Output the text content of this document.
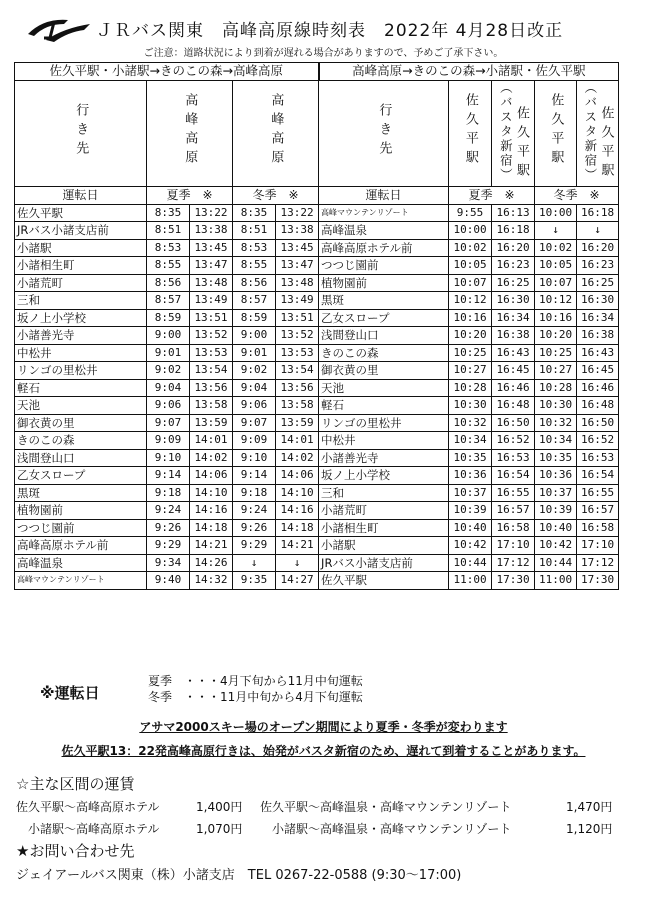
ＪＲバス関東　高峰高原線時刻表　2022年 4月28日改正
ご注意：道路状況により到着が遅れる場合がありますので、予めご了承下さい。
佐久平駅・小諸駅→きのこの森→高峰高原					高峰高原→きのこの森→小諸駅・佐久平駅				
行き先	高峰高原		高峰高原		行き先	佐久平駅	（バスタ新宿）佐久平駅	佐久平駅	（バスタ新宿）佐久平駅
運転日	夏季　※		冬季　※		運転日	夏季　※		冬季　※	
佐久平駅	8:35	13:22	8:35	13:22	高峰マウンテンリゾート	9:55	16:13	10:00	16:18
JRバス小諸支店前	8:51	13:38	8:51	13:38	高峰温泉	10:00	16:18	↓	↓
小諸駅	8:53	13:45	8:53	13:45	高峰高原ホテル前	10:02	16:20	10:02	16:20
小諸相生町	8:55	13:47	8:55	13:47	つつじ園前	10:05	16:23	10:05	16:23
小諸荒町	8:56	13:48	8:56	13:48	植物園前	10:07	16:25	10:07	16:25
三和	8:57	13:49	8:57	13:49	黒斑	10:12	16:30	10:12	16:30
坂ノ上小学校	8:59	13:51	8:59	13:51	乙女スロープ	10:16	16:34	10:16	16:34
小諸善光寺	9:00	13:52	9:00	13:52	浅間登山口	10:20	16:38	10:20	16:38
中松井	9:01	13:53	9:01	13:53	きのこの森	10:25	16:43	10:25	16:43
リンゴの里松井	9:02	13:54	9:02	13:54	御衣黄の里	10:27	16:45	10:27	16:45
軽石	9:04	13:56	9:04	13:56	天池	10:28	16:46	10:28	16:46
天池	9:06	13:58	9:06	13:58	軽石	10:30	16:48	10:30	16:48
御衣黄の里	9:07	13:59	9:07	13:59	リンゴの里松井	10:32	16:50	10:32	16:50
きのこの森	9:09	14:01	9:09	14:01	中松井	10:34	16:52	10:34	16:52
浅間登山口	9:10	14:02	9:10	14:02	小諸善光寺	10:35	16:53	10:35	16:53
乙女スロープ	9:14	14:06	9:14	14:06	坂ノ上小学校	10:36	16:54	10:36	16:54
黒斑	9:18	14:10	9:18	14:10	三和	10:37	16:55	10:37	16:55
植物園前	9:24	14:16	9:24	14:16	小諸荒町	10:39	16:57	10:39	16:57
つつじ園前	9:26	14:18	9:26	14:18	小諸相生町	10:40	16:58	10:40	16:58
高峰高原ホテル前	9:29	14:21	9:29	14:21	小諸駅	10:42	17:10	10:42	17:10
高峰温泉	9:34	14:26	↓	↓	JRバス小諸支店前	10:44	17:12	10:44	17:12
高峰マウンテンリゾート	9:40	14:32	9:35	14:27	佐久平駅	11:00	17:30	11:00	17:30
※運転日
夏季　・・・4月下旬から11月中旬運転
冬季　・・・11月中旬から4月下旬運転
アサマ2000スキー場のオープン期間により夏季・冬季が変わります
佐久平駅13：22発高峰高原行きは、始発がバスタ新宿のため、遅れて到着することがあります。
☆主な区間の運賃
佐久平駅～高峰高原ホテル	1,400円 佐久平駅～高峰温泉・高峰マウンテンリゾート	1,470円
小諸駅～高峰高原ホテル	1,070円 小諸駅～高峰温泉・高峰マウンテンリゾート	1,120円
★お問い合わせ先
ジェイアールバス関東（株）小諸支店　TEL 0267-22-0588 (9:30～17:00)
